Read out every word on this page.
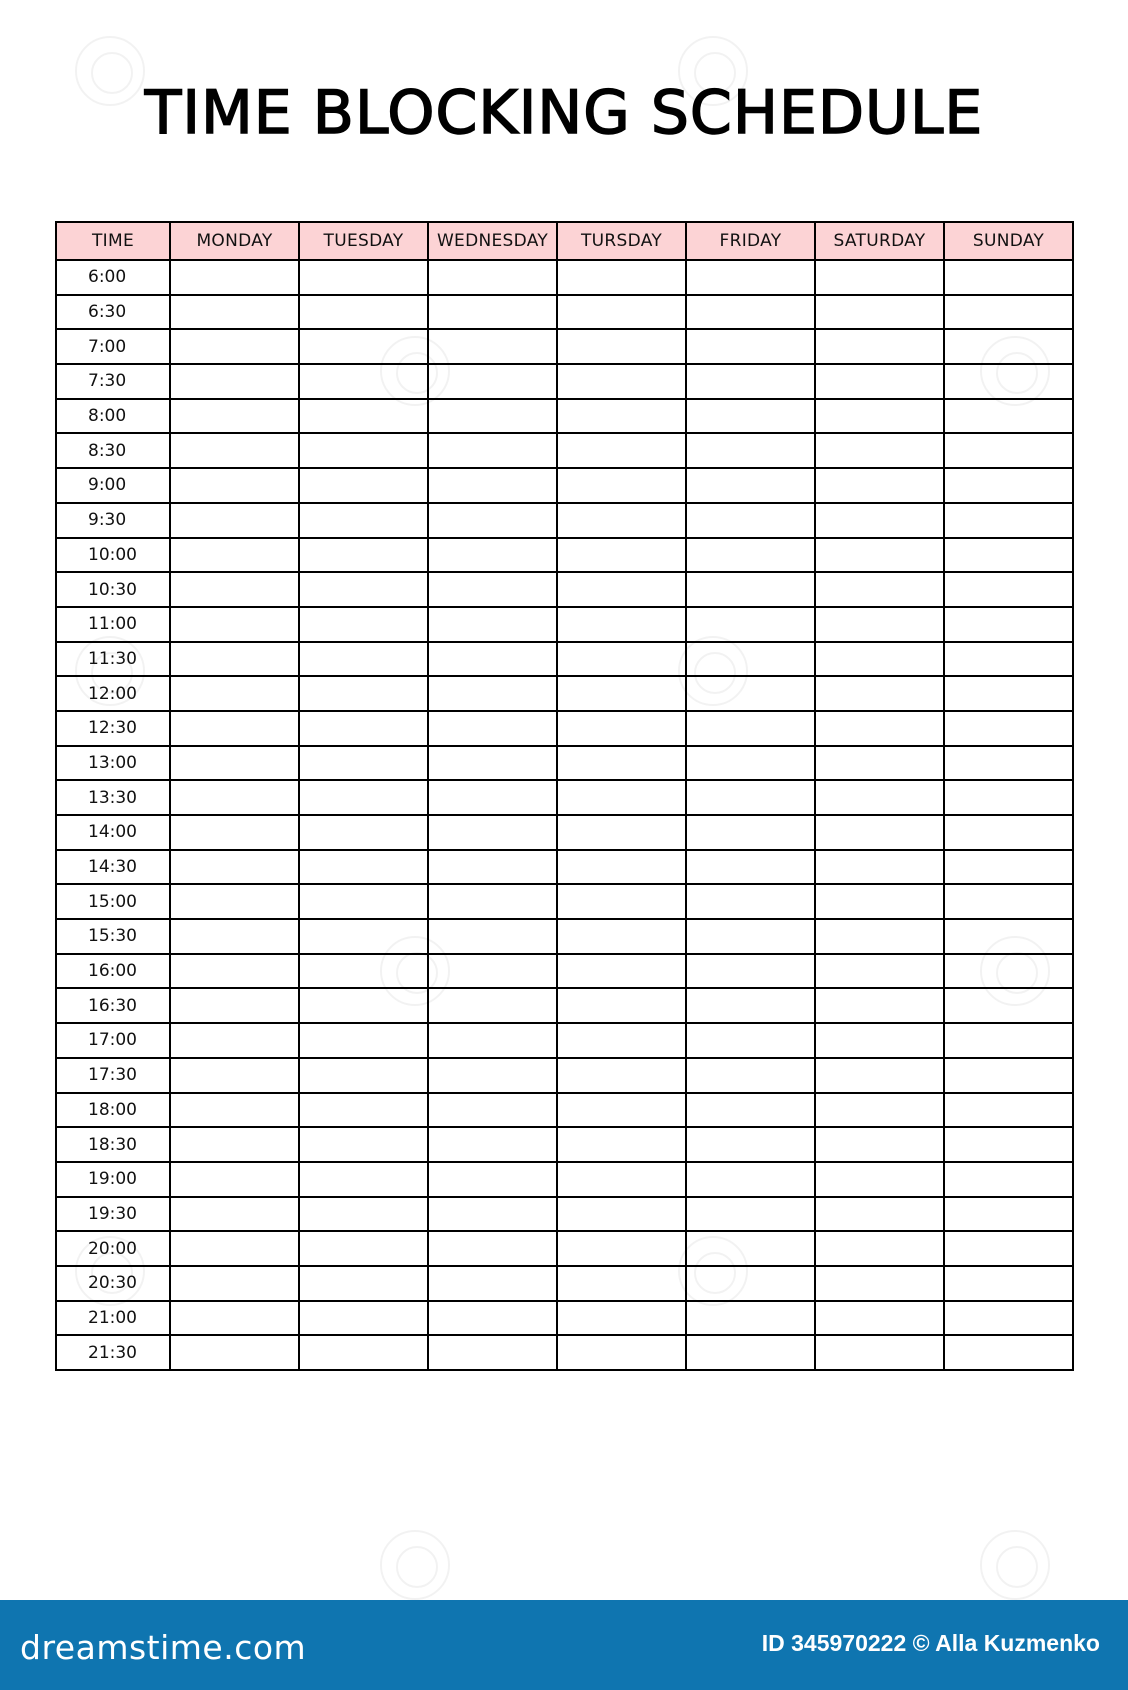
TIME BLOCKING SCHEDULE
TIME	MONDAY	TUESDAY	WEDNESDAY	TURSDAY	FRIDAY	SATURDAY	SUNDAY
6:00							
6:30							
7:00							
7:30							
8:00							
8:30							
9:00							
9:30							
10:00							
10:30							
11:00							
11:30							
12:00							
12:30							
13:00							
13:30							
14:00							
14:30							
15:00							
15:30							
16:00							
16:30							
17:00							
17:30							
18:00							
18:30							
19:00							
19:30							
20:00							
20:30							
21:00							
21:30							
dreamstime.com	ID 345970222 © Alla Kuzmenko
